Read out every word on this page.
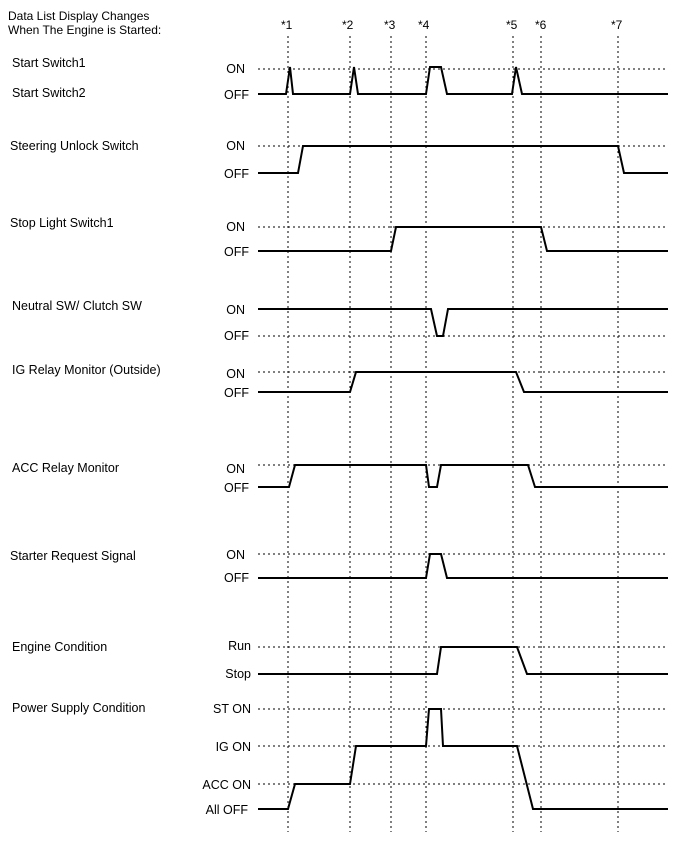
Data List Display Changes
When The Engine is Started:	*1	*2	*3 *4	*5 *6	*7
Start Switch1
Start Switch2
Steering Unlock Switch
Stop Light Switch1
Neutral SW/ Clutch SW
IG Relay Monitor (Outside)
ACC Relay Monitor
Starter Request Signal
Engine Condition
Power Supply Condition
ON
OFF
ON
OFF
ON
OFF
ON
OFF
ON
OFF
ON
OFF
ON
OFF
Run
Stop
ST ON
IG ON
ACC ON
All OFF
